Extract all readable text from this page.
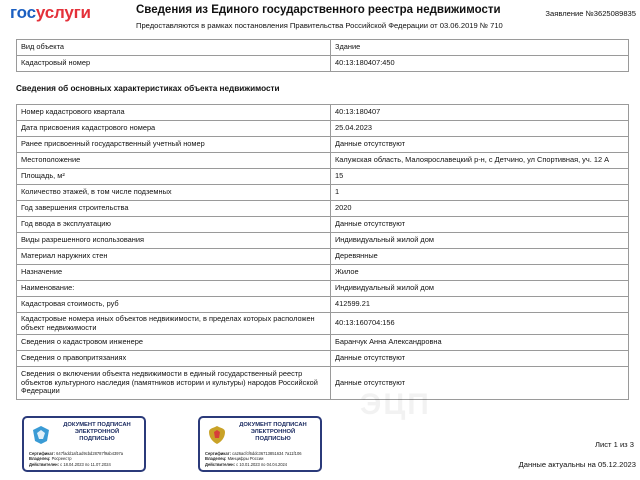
госуслуги	Сведения из Единого государственного реестра недвижимости
Предоставляются в рамках постановления Правительства Российской Федерации от 03.06.2019 № 710
Заявление №3625089835
Вид объекта	Здание
Кадастровый номер	40:13:180407:450
Сведения об основных характеристиках объекта недвижимости
Номер кадастрового квартала	40:13:180407
Дата присвоения кадастрового номера	25.04.2023
Ранее присвоенный государственный учетный номер	Данные отсутствуют
Местоположение	Калужская область, Малоярославецкий р-н, с Детчино, ул Спортивная, уч. 12 А
Площадь, м²	15
Количество этажей, в том числе подземных	1
Год завершения строительства	2020
Год ввода в эксплуатацию	Данные отсутствуют
Виды разрешенного использования	Индивидуальный жилой дом
Материал наружних стен	Деревянные
Назначение	Жилое
Наименование:	Индивидуальный жилой дом
Кадастровая стоимость, руб	412599.21
Кадастровые номера иных объектов недвижимости, в пределах которых расположен объект недвижимости	40:13:160704:156
Сведения о кадастровом инженере	Баранчук Анна Александровна
Сведения о правопритязаниях	Данные отсутствуют
Сведения о включении объекта недвижимости в единый государственный реестр объектов культурного наследия (памятников истории и культуры) народов Российской Федерации	Данные отсутствуют
ЭЦП
ДОКУМЕНТ ПОДПИСАН
ЭЛЕКТРОННОЙ
ПОДПИСЬЮ
Сертификат: 647fadd1af1ad9cbd28787f9ab4397a
Владелец: Росреестр
Действителен: с 18.04.2023 по 11.07.2024
ДОКУМЕНТ ПОДПИСАН
ЭЛЕКТРОННОЙ
ПОДПИСЬЮ
Сертификат: ca26acfcf6ddc36713851634 7a11f106
Владелец: Минцифры России
Действителен: с 10.01.2023 по 04.04.2024
Лист 1 из 3
Данные актуальны на 05.12.2023
